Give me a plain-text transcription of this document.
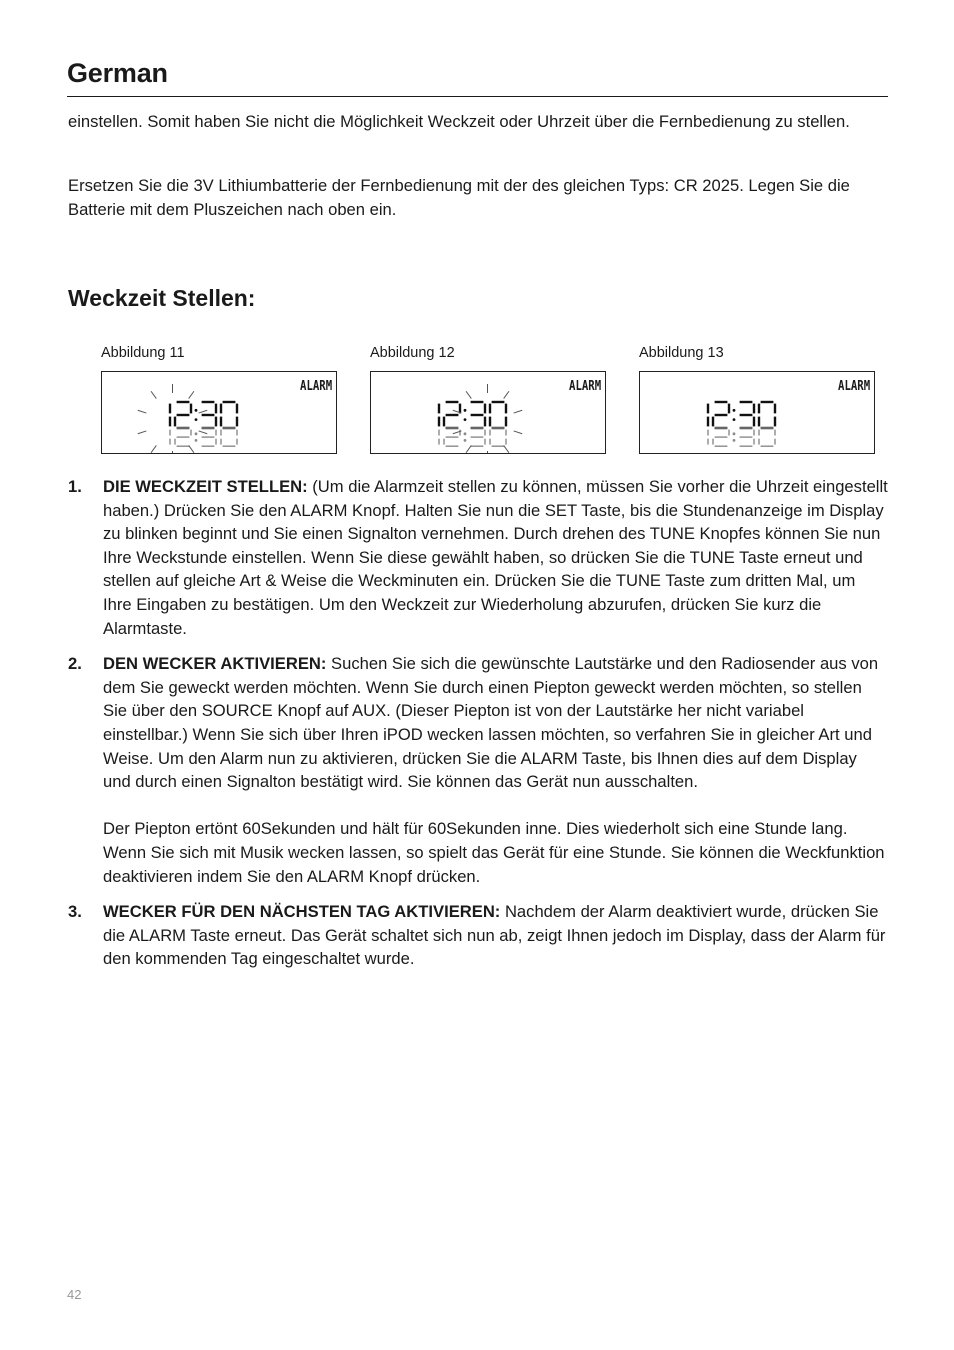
German

einstellen. Somit haben Sie nicht die Möglichkeit Weckzeit oder Uhrzeit über die Fernbedienung zu stellen.

Ersetzen Sie die 3V Lithiumbatterie der Fernbedienung mit der des gleichen Typs: CR 2025. Legen Sie die Batterie mit dem Pluszeichen nach oben ein.

Weckzeit Stellen:
Abbildung 11
ALARM
Abbildung 12
ALARM
Abbildung 13
ALARM
1. DIE WECKZEIT STELLEN: (Um die Alarmzeit stellen zu können, müssen Sie vorher die Uhrzeit eingestellt haben.) Drücken Sie den ALARM Knopf. Halten Sie nun die SET Taste, bis die Stundenanzeige im Display zu blinken beginnt und Sie einen Signalton vernehmen. Durch drehen des TUNE Knopfes können Sie nun Ihre Weckstunde einstellen. Wenn Sie diese gewählt haben, so drücken Sie die TUNE Taste erneut und stellen auf gleiche Art & Weise die Weckminuten ein. Drücken Sie die TUNE Taste zum dritten Mal, um Ihre Eingaben zu bestätigen. Um den Weckzeit zur Wiederholung abzurufen, drücken Sie kurz die Alarmtaste.

2. DEN WECKER AKTIVIEREN: Suchen Sie sich die gewünschte Lautstärke und den Radiosender aus von dem Sie geweckt werden möchten. Wenn Sie durch einen Piepton geweckt werden möchten, so stellen Sie über den SOURCE Knopf auf AUX. (Dieser Piepton ist von der Lautstärke her nicht variabel einstellbar.) Wenn Sie sich über Ihren iPOD wecken lassen möchten, so verfahren Sie in gleicher Art und Weise. Um den Alarm nun zu aktivieren, drücken Sie die ALARM Taste, bis Ihnen dies auf dem Display und durch einen Signalton bestätigt wird. Sie können das Gerät nun ausschalten.

Der Piepton ertönt 60Sekunden und hält für 60Sekunden inne. Dies wiederholt sich eine Stunde lang. Wenn Sie sich mit Musik wecken lassen, so spielt das Gerät für eine Stunde. Sie können die Weckfunktion deaktivieren indem Sie den ALARM Knopf drücken.

3. WECKER FÜR DEN NÄCHSTEN TAG AKTIVIEREN: Nachdem der Alarm deaktiviert wurde, drücken Sie die ALARM Taste erneut. Das Gerät schaltet sich nun ab, zeigt Ihnen jedoch im Display, dass der Alarm für den kommenden Tag eingeschaltet wurde.

42
